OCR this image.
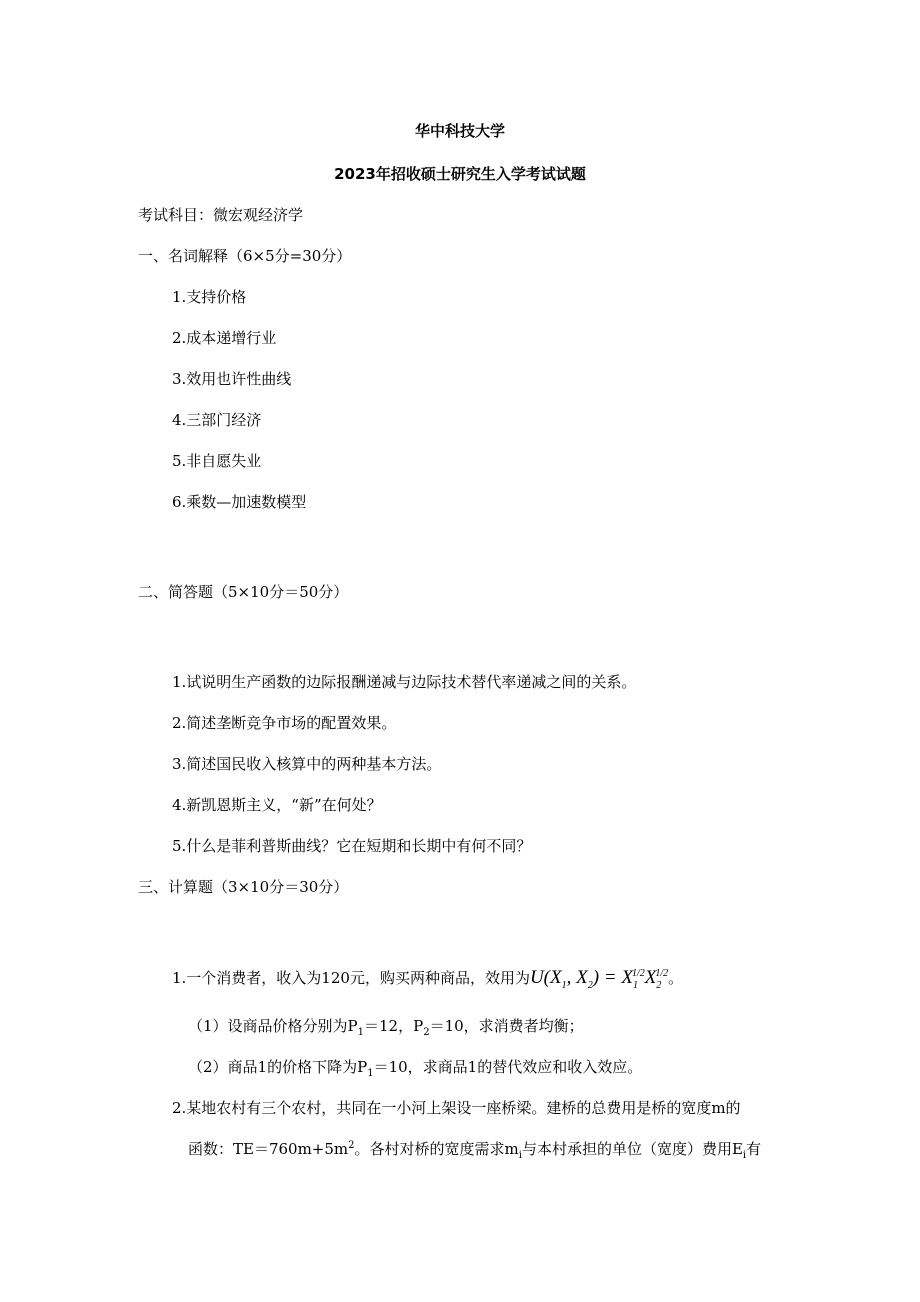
华中科技大学
2023年招收硕士研究生入学考试试题
考试科目：微宏观经济学
一、名词解释（6×5分=30分）
1.支持价格
2.成本递增行业
3.效用也许性曲线
4.三部门经济
5.非自愿失业
6.乘数—加速数模型
二、简答题（5×10分＝50分）
1.试说明生产函数的边际报酬递减与边际技术替代率递减之间的关系。
2.简述垄断竞争市场的配置效果。
3.简述国民收入核算中的两种基本方法。
4.新凯恩斯主义，“新”在何处？
5.什么是菲利普斯曲线？它在短期和长期中有何不同？
三、计算题（3×10分＝30分）
1.一个消费者，收入为120元，购买两种商品，效用为$U(X_1$, $X_2) = X_1^{1/2}X_2^{1/2}$。
（1）设商品价格分别为$P_1=12$，$P_2=10$，求消费者均衡；
（2）商品1的价格下降为$P_1=10$，求商品1的替代效应和收入效应。
2.某地农村有三个农村，共同在一小河上架设一座桥梁。建桥的总费用是桥的宽度m的
函数：$TE=760m+5m^2$。各村对桥的宽度需求$m_i$与本村承担的单位（宽度）费用$E_i$有
